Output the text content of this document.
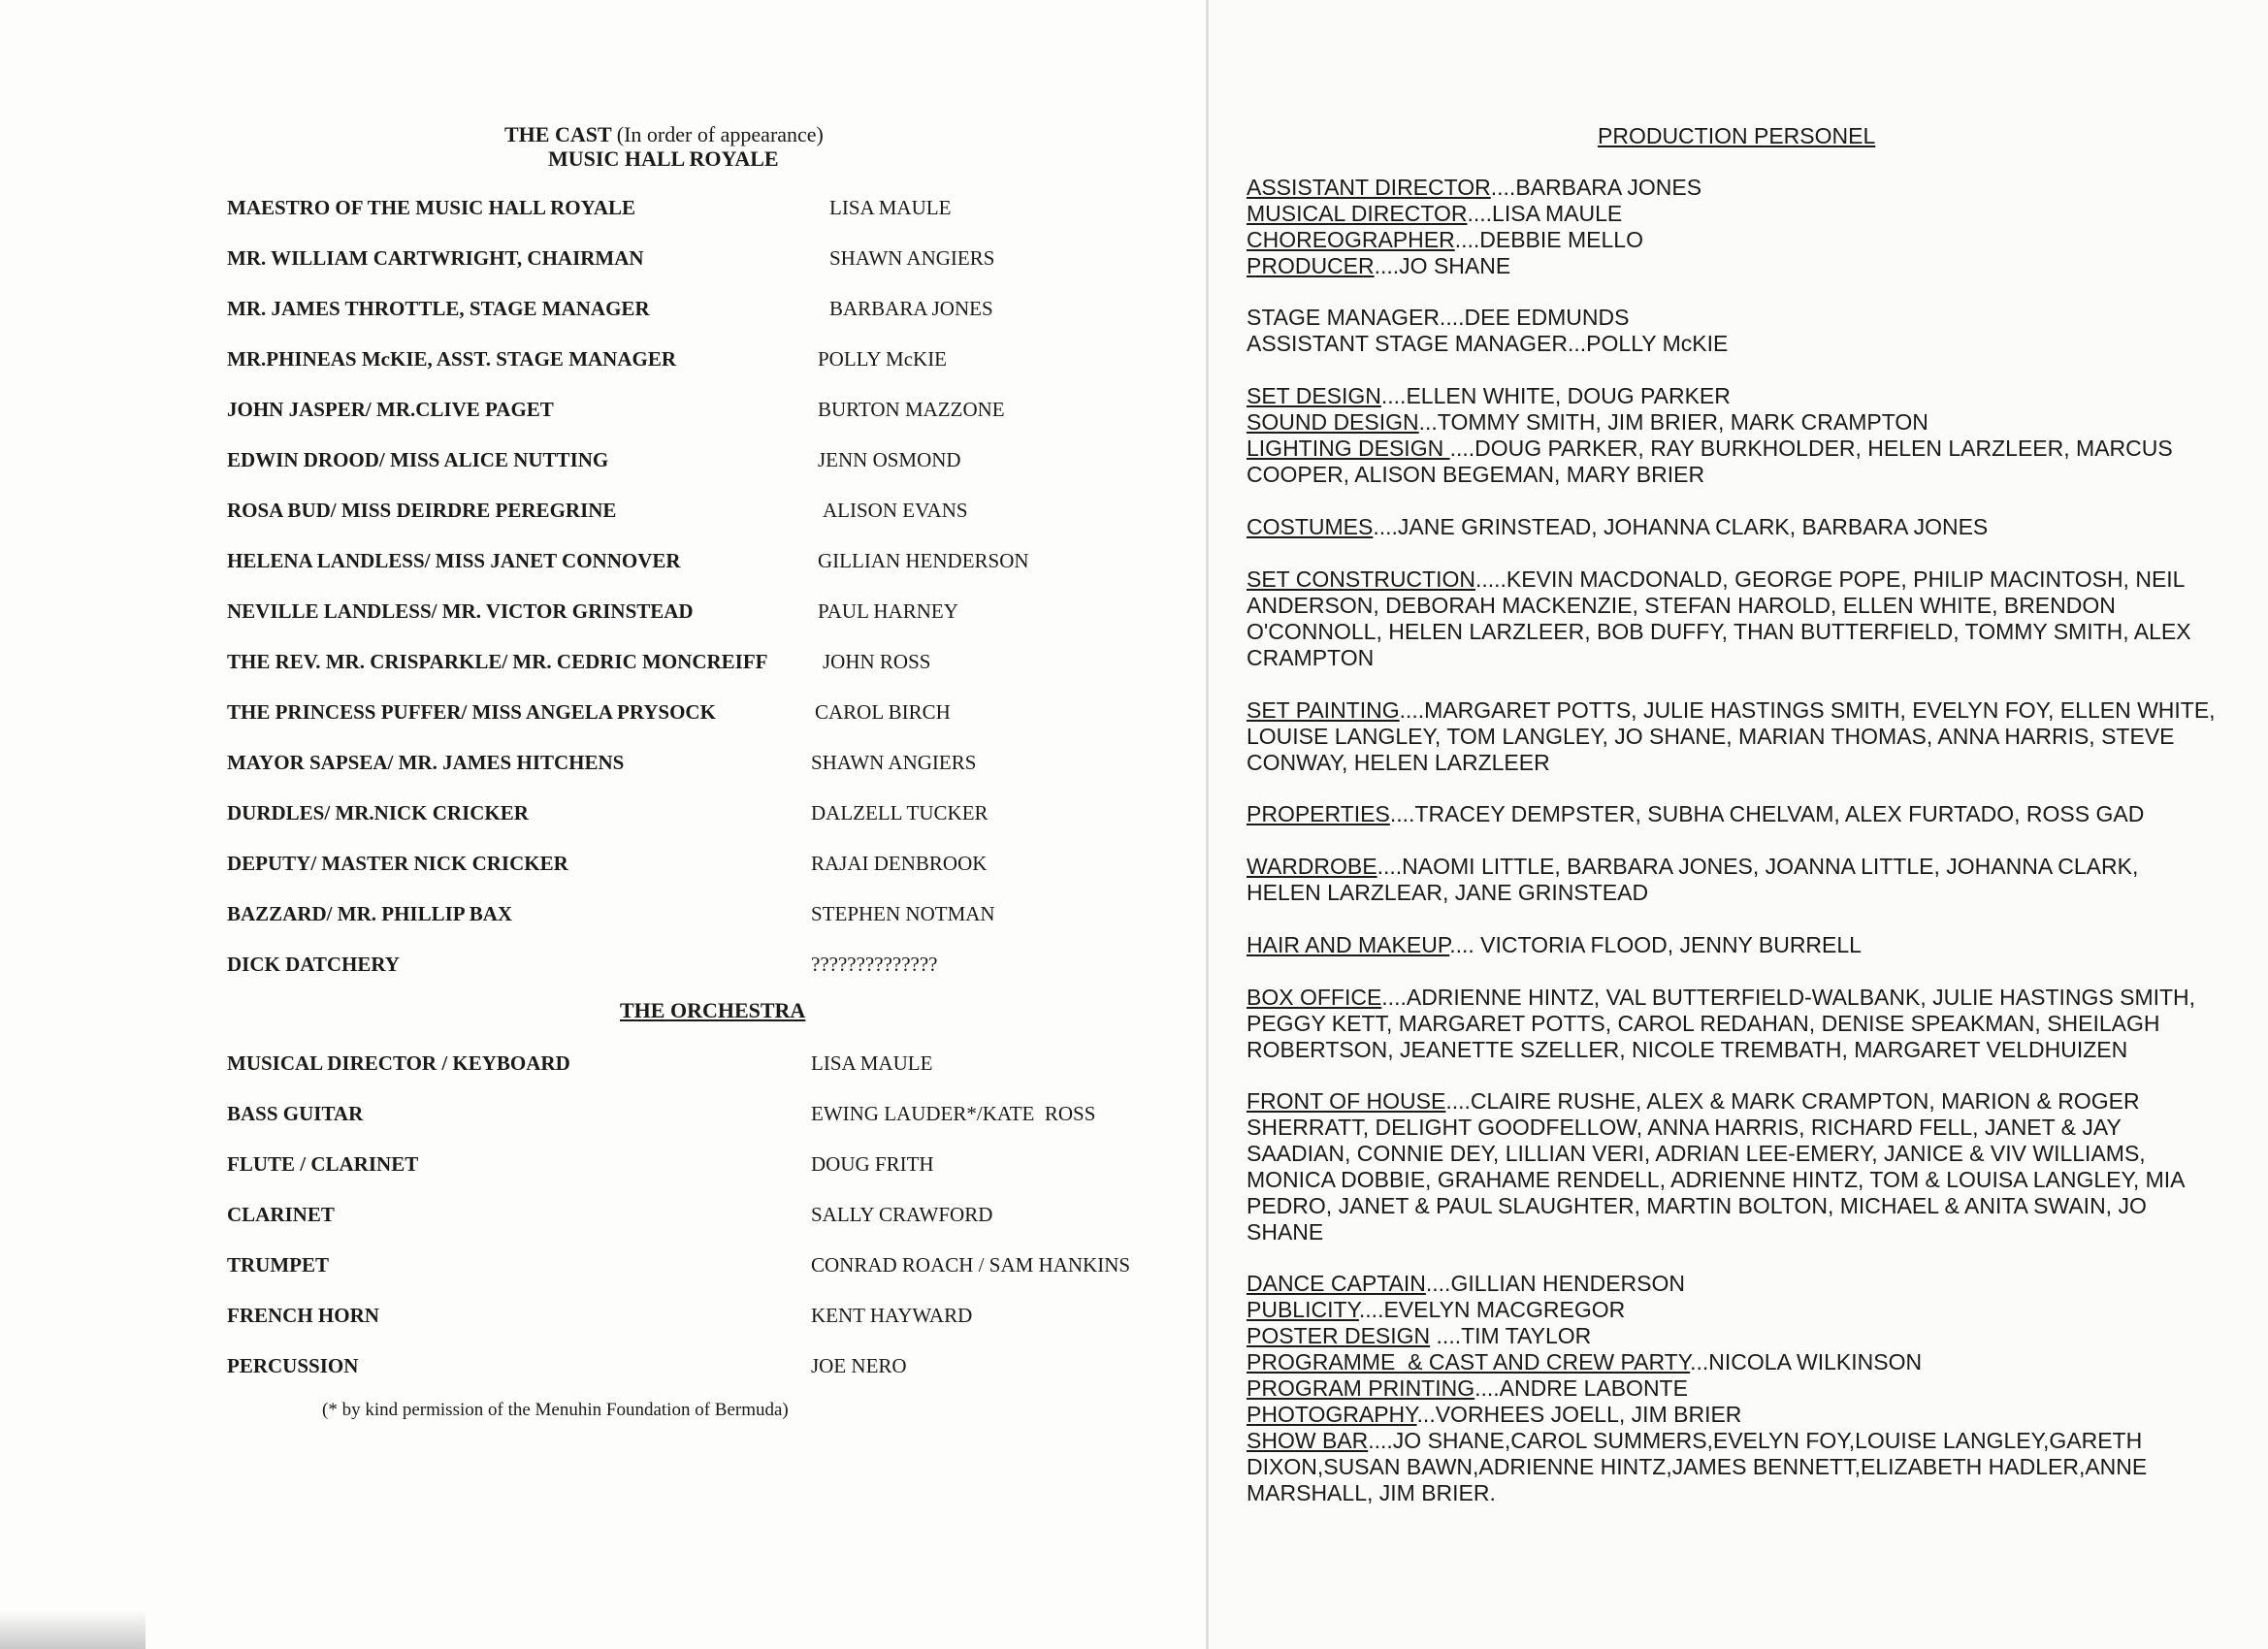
THE CAST (In order of appearance)
MUSIC HALL ROYALE
MAESTRO OF THE MUSIC HALL ROYALE	LISA MAULE
MR. WILLIAM CARTWRIGHT, CHAIRMAN	SHAWN ANGIERS
MR. JAMES THROTTLE, STAGE MANAGER	BARBARA JONES
MR.PHINEAS McKIE, ASST. STAGE MANAGER	POLLY McKIE
JOHN JASPER/ MR.CLIVE PAGET	BURTON MAZZONE
EDWIN DROOD/ MISS ALICE NUTTING	JENN OSMOND
ROSA BUD/ MISS DEIRDRE PEREGRINE	ALISON EVANS
HELENA LANDLESS/ MISS JANET CONNOVER	GILLIAN HENDERSON
NEVILLE LANDLESS/ MR. VICTOR GRINSTEAD	PAUL HARNEY
THE REV. MR. CRISPARKLE/ MR. CEDRIC MONCREIFF	JOHN ROSS
THE PRINCESS PUFFER/ MISS ANGELA PRYSOCK	CAROL BIRCH
MAYOR SAPSEA/ MR. JAMES HITCHENS	SHAWN ANGIERS
DURDLES/ MR.NICK CRICKER	DALZELL TUCKER
DEPUTY/ MASTER NICK CRICKER	RAJAI DENBROOK
BAZZARD/ MR. PHILLIP BAX	STEPHEN NOTMAN
DICK DATCHERY	??????????????
THE ORCHESTRA
MUSICAL DIRECTOR / KEYBOARD	LISA MAULE
BASS GUITAR	EWING LAUDER*/KATE  ROSS
FLUTE / CLARINET	DOUG FRITH
CLARINET	SALLY CRAWFORD
TRUMPET	CONRAD ROACH / SAM HANKINS
FRENCH HORN	KENT HAYWARD
PERCUSSION	JOE NERO
(* by kind permission of the Menuhin Foundation of Bermuda)
PRODUCTION PERSONEL

ASSISTANT DIRECTOR....BARBARA JONES

MUSICAL DIRECTOR....LISA MAULE

CHOREOGRAPHER....DEBBIE MELLO

PRODUCER....JO SHANE

STAGE MANAGER....DEE EDMUNDS

ASSISTANT STAGE MANAGER...POLLY McKIE

SET DESIGN....ELLEN WHITE, DOUG PARKER

SOUND DESIGN...TOMMY SMITH, JIM BRIER, MARK CRAMPTON

LIGHTING DESIGN ....DOUG PARKER, RAY BURKHOLDER, HELEN LARZLEER, MARCUS

COOPER, ALISON BEGEMAN, MARY BRIER

COSTUMES....JANE GRINSTEAD, JOHANNA CLARK, BARBARA JONES

SET CONSTRUCTION.....KEVIN MACDONALD, GEORGE POPE, PHILIP MACINTOSH, NEIL

ANDERSON, DEBORAH MACKENZIE, STEFAN HAROLD, ELLEN WHITE, BRENDON

O'CONNOLL, HELEN LARZLEER, BOB DUFFY, THAN BUTTERFIELD, TOMMY SMITH, ALEX

CRAMPTON

SET PAINTING....MARGARET POTTS, JULIE HASTINGS SMITH, EVELYN FOY, ELLEN WHITE,

LOUISE LANGLEY, TOM LANGLEY, JO SHANE, MARIAN THOMAS, ANNA HARRIS, STEVE

CONWAY, HELEN LARZLEER

PROPERTIES....TRACEY DEMPSTER, SUBHA CHELVAM, ALEX FURTADO, ROSS GAD

WARDROBE....NAOMI LITTLE, BARBARA JONES, JOANNA LITTLE, JOHANNA CLARK,

HELEN LARZLEAR, JANE GRINSTEAD

HAIR AND MAKEUP.... VICTORIA FLOOD, JENNY BURRELL

BOX OFFICE....ADRIENNE HINTZ, VAL BUTTERFIELD-WALBANK, JULIE HASTINGS SMITH,

PEGGY KETT, MARGARET POTTS, CAROL REDAHAN, DENISE SPEAKMAN, SHEILAGH

ROBERTSON, JEANETTE SZELLER, NICOLE TREMBATH, MARGARET VELDHUIZEN

FRONT OF HOUSE....CLAIRE RUSHE, ALEX & MARK CRAMPTON, MARION & ROGER

SHERRATT, DELIGHT GOODFELLOW, ANNA HARRIS, RICHARD FELL, JANET & JAY

SAADIAN, CONNIE DEY, LILLIAN VERI, ADRIAN LEE-EMERY, JANICE & VIV WILLIAMS,

MONICA DOBBIE, GRAHAME RENDELL, ADRIENNE HINTZ, TOM & LOUISA LANGLEY, MIA

PEDRO, JANET & PAUL SLAUGHTER, MARTIN BOLTON, MICHAEL & ANITA SWAIN, JO

SHANE

DANCE CAPTAIN....GILLIAN HENDERSON

PUBLICITY....EVELYN MACGREGOR

POSTER DESIGN ....TIM TAYLOR

PROGRAMME  & CAST AND CREW PARTY...NICOLA WILKINSON

PROGRAM PRINTING....ANDRE LABONTE

PHOTOGRAPHY...VORHEES JOELL, JIM BRIER

SHOW BAR....JO SHANE,CAROL SUMMERS,EVELYN FOY,LOUISE LANGLEY,GARETH

DIXON,SUSAN BAWN,ADRIENNE HINTZ,JAMES BENNETT,ELIZABETH HADLER,ANNE

MARSHALL, JIM BRIER.
